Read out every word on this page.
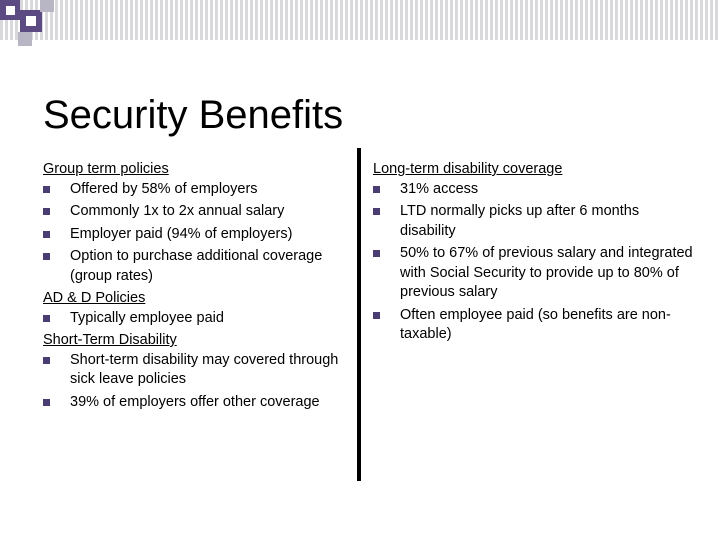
Security Benefits

Group term policies

Offered by 58% of employers
Commonly 1x to 2x annual salary
Employer paid (94% of employers)
Option to purchase additional coverage (group rates)

AD & D Policies

Typically employee paid

Short-Term Disability

Short-term disability may covered through sick leave policies
39% of employers offer other coverage

Long-term disability coverage

31% access
LTD normally picks up after 6 months disability
50% to 67% of previous salary and integrated with Social Security to provide up to 80% of previous salary
Often employee paid (so benefits are non-taxable)
